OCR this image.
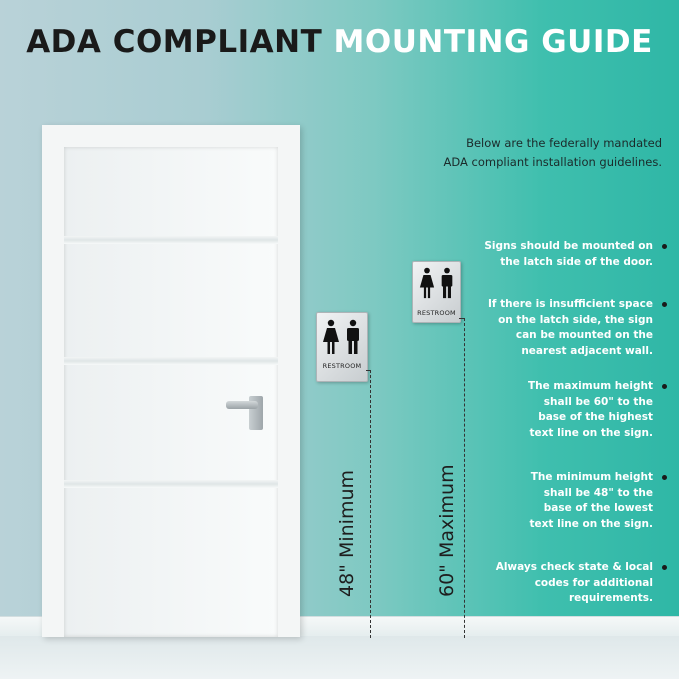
ADA COMPLIANT MOUNTING GUIDE
RESTROOM
RESTROOM
48" Minimum	60" Maximum
Below are the federally mandated
ADA compliant installation guidelines.
Signs should be mounted on
the latch side of the door.
If there is insufficient space
on the latch side, the sign
can be mounted on the
nearest adjacent wall.
The maximum height
shall be 60" to the
base of the highest
text line on the sign.
The minimum height
shall be 48" to the
base of the lowest
text line on the sign.
Always check state & local
codes for additional
requirements.
